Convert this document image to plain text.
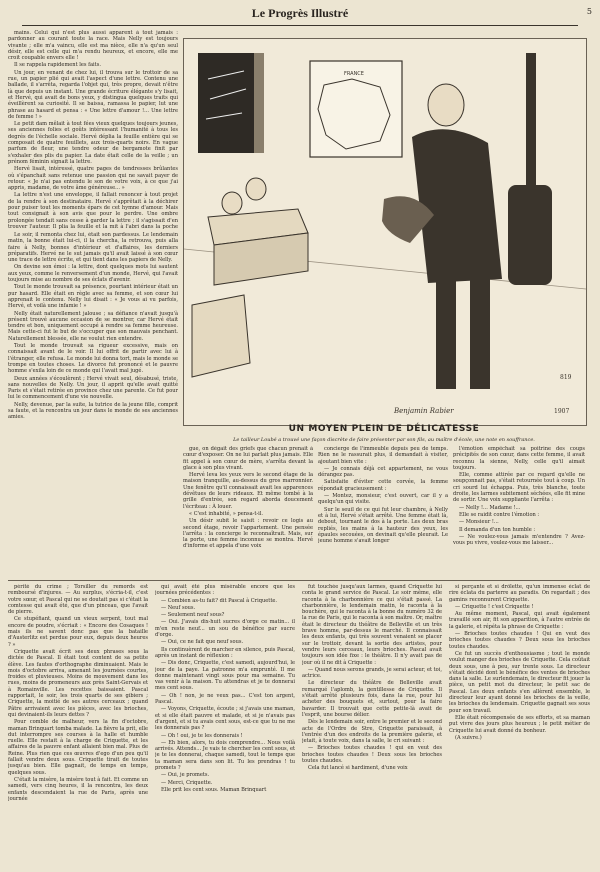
Le Progrès Illustré	5

mains. Celui qui n'est plus aussi apparent à tout jamais : pardonner au courant toute la race. Mais Nelly est toujours vivante ; elle m'a vaincu, elle est ma nièce, elle n'a qu'un seul désir, elle est celle qui m'a rendu heureux, et encore, elle me croit coupable envers elle !

Il se rappela rapidement les faits.

Un jour, en venant de chez lui, il trouva sur le trottoir de sa rue, un papier plié qui avait l'aspect d'une lettre. Contenu une ballade, il s'arrêta, regarda l'objet qui, très propre, devait n'être là que depuis un instant. Une grande écriture élégante s'y lisait, et Hervé, qui avait de bons yeux, y distingua quelques traits qui éveillèrent sa curiosité. Il se baissa, ramassa le papier, lut une phrase au hasard et pensa : « Une lettre d'amour !... Une lettre de femme ! »

Le petit dam mêlait à tout fées vieux quelques toujours jeunes, ses anciennes folies et goûts intéressant l'humanité à tous les degrés de l'échelle sociale. Hervé déplia la feuille entière qui se composait de quatre feuillets, aux trois-quarts noirs. En vague parfum de fleur, une tendre odeur de bergamote finit par s'exhaler des plis du papier. La date était celle de la veille ; un prénom féminin signait la lettre.

Hervé lisait, intéressé, quatre pages de tendresses brûlantes où s'épanchait sans retenue une passion qui ne savait payer de retour. « Je n'ai pas entendu le son de votre voix, à ce que j'ai appris, madame, de votre âme généreuse... »

La lettre n'est une enveloppe, il fallait renoncer à tout projet de la rendre à son destinataire. Hervé s'apprêtait à la déchirer pour puiser tout les moments épars de cet hymne d'amour. Mais tout consignait à son avis que pour le perdre. Une ombre prolongée tendait sans cesse à garder la lettre ; il s'agissait d'en trouver l'auteur. Il plia la feuille et la mit à l'abri dans la poche

Le soir, il remonta chez lui, était son pardessus. Le lendemain matin, la bonne était lui-ci, il la chercha, la retrouva, puis alla faire à Nelly, bonnes d'intérieur et d'affaires, les derniers préparatifs. Hervé ne le sut jamais qu'il avait laissé à son cœur une trace de lettre écrite, et qui tient dans les papiers de Nelly.

On devine son émoi : la lettre, dont quelques mots lui sautent aux yeux, comme le renversement d'un monde, Hervé, qui l'avait toujours mise au nombre de ses éclats d'avenir.

Tout le monde trouvait sa présence, pourtant intérieur était un pur hasard. Elle était en règle avec sa femme, et son cœur lui apprenait le contenu. Nelly lui disait : « Je vous ai vu parfois, Hervé, et voilà une infamie ! »

Nelly était naturellement jalouse ; sa défiance n'avait jusqu'à présent trouvé aucune occasion de se montrer, car Hervé était tendre et bon, uniquement occupé à rendre sa femme heureuse. Mais cette-ci fut le but de s'occuper que son mauvais penchant. Naturellement blessée, elle ne voulut rien entendre.

Tout le monde trouvait sa rigueur excessive, mais on connaissait avant de le voir. Il lui offrit de partir avec lui à l'étranger, elle refusa. Le monde lui donna tort, mais le monde se trompe en toutes choses. Le divorce fut prononcé et le pauvre homme s'exila loin de ce monde qui l'avait mal jugé.

Deux années s'écoulèrent ; Hervé vivait seul, désabusé, triste, sans nouvelles de Nelly. Un jour, il apprit qu'elle avait quitté Paris et s'était retirée en province chez une parente. Ce fut pour lui le commencement d'une vie nouvelle.

Nelly, devenue, par la suite, la tutrice de la jeune fille, comprit sa faute, et la rencontra un jour dans le monde de ses anciennes amies.

FRANCE
Benjamin Rabier	1907
819
UN MOYEN PLEIN DE DÉLICATESSE
Le tailleur Loubé a trouvé une façon discrète de faire présenter par son fils, au maître d'école, une note en souffrance.

gue, on dégait des griefs que chacun prenait à cœur d'exposer. On ne lui parlait plus jamais. Elle fit appel à son cœur de mère, s'arrêta devant la glace à son plus vivant.

Hervé leva les yeux vers le second étage de la maison tranquille, au-dessus du gros marronnier. Une fenêtre qu'il connaissait avait les apparences dévêtues de leurs rideaux. Et même tombé à la grille d'entrée, son regard aborda doucement l'écriteau : À louer.

« C'est inhabité, » pensa-t-il.

Un désir subit le saisit : revoir ce logis au second étage, revoir l'appartement. Une pensée l'arrêta : la concierge le reconnaîtrait. Mais, sur la porte, une femme inconnue se montra. Hervé d'informe et appela d'une voix

concierge de l'immeuble depuis peu de temps. Rien ne le rassurait plus, il demandait à visiter, ajoutant bien vite :

— Je connais déjà cet appartement, ne vous dérangez pas.

Satisfaite d'éviter cette corvée, la femme répondait gracieusement :

— Montez, monsieur, c'est ouvert, car il y a quelqu'un qui visite.

Sur le seuil de ce qui fut leur chambre, à Nelly et à lui, Hervé s'était arrêté. Une femme était là, debout, tournant le dos à la porte. Les deux bras repliés, les mains à la hauteur des yeux, les épaules secouées, on devinait qu'elle pleurait. Le jeune homme s'avait longer

l'émotion empêchait sa poitrine des coups précipités de son cœur, dans cette femme, il avait reconnu la sienne, Nelly, celle qu'il aimait toujours.

Elle, comme attirée par ce regard qu'elle ne soupçonnait pas, s'était retournée tout à coup. Un cri sourd lui échappa. Puis, très blanche, toute droite, les larmes subitement séchées, elle fit mine de sortir. Une voix suppliante l'arrêta :

— Nelly !... Madame !...

Elle se raidit contre l'émotion :

— Monsieur !...

Il demanda d'un ton humble :

— Ne voulez-vous jamais m'entendre ? Avez-vous pu vivre, voulez-vous me laisser...

périté du crime ; Torsiller du remords est remboursé d'injures. — Au surplus, s'écria-t-il, c'est votre sœur, et Pascal qui ne se doutait pas si c'était la comtesse qui avait été, que d'un pinceau, que l'avait de pierre.

Ce stupéfiant, quand un vieux serpent, tout mal encore de poudre, s'écriait : « Encore des Cosaques ! mais ils ne savent donc pas que la bataille d'Austerlitz est perdue pour eux, depuis deux heures ? »

Criquette avait écrit ses deux phrases sous la dictée de Pascal. Il était tout content de sa petite élève. Les fautes d'orthographe diminuaient. Mais le mois d'octobre arriva, amenant les journées courtes, froides et pluvieuses. Moins de mouvement dans les rues, moins de promeneurs aux près Saint-Gervais et à Romainville. Les recettes baissaient. Pascal rapportait, le soir, les trois quarts de ses gibiers ; Criquette, la moitié de ses autres cerceaux ; quand Pâtre arrivaient avec les pièces, avec les brioches, qui devinaient-ils leurs dettes ?

Pour comble de malheur, vers la fin d'octobre, maman Brinquart tomba malade. La fièvre la prit, elle dut interrompre ses courses à la halle et humble ruelle. Elle restait à la charge de Criquette, et les affaires de la pauvre enfant allaient bien mal. Plus de Reine. Plus rien que ces œuvres d'ego d'un peu qu'il fallait vendre deux sous. Criquette tirait de toutes jusqu'au bien. Elle gagnait, de temps en temps, quelques sous.

C'était la misère, la misère tout à fait. Et comme un samedi, vers cinq heures, il la rencontra, les deux enfants descendaient la rue de Paris, après une journée

qui avait été plus misérable encore que les journées précédentes :

— Combien as-tu fait? dit Pascal à Criquette.

— Neuf sous.

— Seulement neuf sous?

— Oui. J'avais dix-huit sucres d'orge ce matin... il m'en reste neuf... un sou de bénéfice par sucre d'orge.

— Oui, ce ne fait que neuf sous.

Ils continuèrent de marcher en silence, puis Pascal, après un instant de réflexion :

— Dis donc, Criquette, c'est samedi, aujourd'hui, le jour de la paye. La patronne m'a emprunté. Il me donne maintenant vingt sous pour ma semaine. Tu vas venir à la maison. Tu attendras et je te donnerai mes cent sous.

— Oh ! non, je ne veux pas... C'est ton argent, Pascal.

— Voyons, Criquette, écoute ; si j'avais une maman, et si elle était pauvre et malade, et si je n'avais pas d'argent, et si tu avais cent sous, est-ce que tu ne me les donnerais pas ?

— Oh ! oui, je te les donnerais !

— Eh bien, alors, tu dois comprendre... Nous voilà arrivés. Attends... Je vais te chercher les cent sous, et je te les donnerai, chaque samedi, tout le temps que ta maman sera dans son lit. Tu les prendras ! tu promets ?

— Oui, je promets.

— Merci, Criquette.

Elle prit les cent sous. Maman Brinquart

fut touchée jusqu'aux larmes, quand Criquette lui conta le grand service de Pascal. Le soir même, elle raconta à la charbonnière ce qui s'était passé. La charbonnière, le lendemain matin, le raconta à la bouchère, qui le raconta à la bonne du numéro 32 de la rue de Paris, qui le raconta à son maître. Or, maître était le directeur du théâtre de Belleville et un très brave homme, par-dessus le marché. Il connaissait les deux enfants, qui très souvent venaient se placer sur le trottoir, devant la sortie des artistes, pour vendre leurs cerceaux, leurs brioches. Pascal avait toujours son idée fixe : le théâtre. Il n'y avait pas de jour où il ne dit à Criquette :

— Quand nous serons grands, je serai acteur, et toi, actrice.

Le directeur du théâtre de Belleville avait remarqué l'aplomb, la gentillesse de Criquette. Il s'était arrêté plusieurs fois, dans la rue, pour lui acheter des bouquets et, surtout, pour la faire bavarder. Il trouvait que cette petite-là avait de l'esprit, une bourse délier.

Dès le lendemain soir, entre le premier et le second acte de l'Ordre de Stre, Criquette paraissait, à l'entrée d'un des endroits de la première galerie, et jetait, à toute voix, dans la salle, le cri suivant :

— Brioches toutes chaudes ! qui en veut des brioches toutes chaudes ! Deux sous les brioches toutes chaudes.

Cela fut lancé si hardiment, d'une voix

si perçante et si drôlette, qu'un immense éclat de rire éclata du parterre au paradis. On regardait ; des gamins reconnurent Criquette.

— Criquette ! c'est Criquette !

Au même moment, Pascal, qui avait également travaillé son air, fit son apparition, à l'autre entrée de la galerie, et répéta la phrase de Criquette :

— Brioches toutes chaudes ! Qui en veut des brioches toutes chaudes ? Deux sous les brioches toutes chaudes.

Ce fut un succès d'enthousiasme ; tout le monde voulut manger des brioches de Criquette. Cela coûtait deux sous, une à peu, sur trente sous. Le directeur s'était décidé dont le bénéfice des ventes de brioches dans la salle. Le surlendemain, le directeur fit jouer la pièce, un petit mot du directeur, le petit sac de Pascal. Les deux enfants s'en allèrent ensemble, le directeur leur ayant donné les brioches de la veille, les brioches du lendemain. Criquette gagnait ses sous pour son travail.

Elle était récompensée de ses efforts, et sa maman put vivre des jours plus heureux ; le petit métier de Criquette lui avait donné du bonheur.

(A suivre.)
